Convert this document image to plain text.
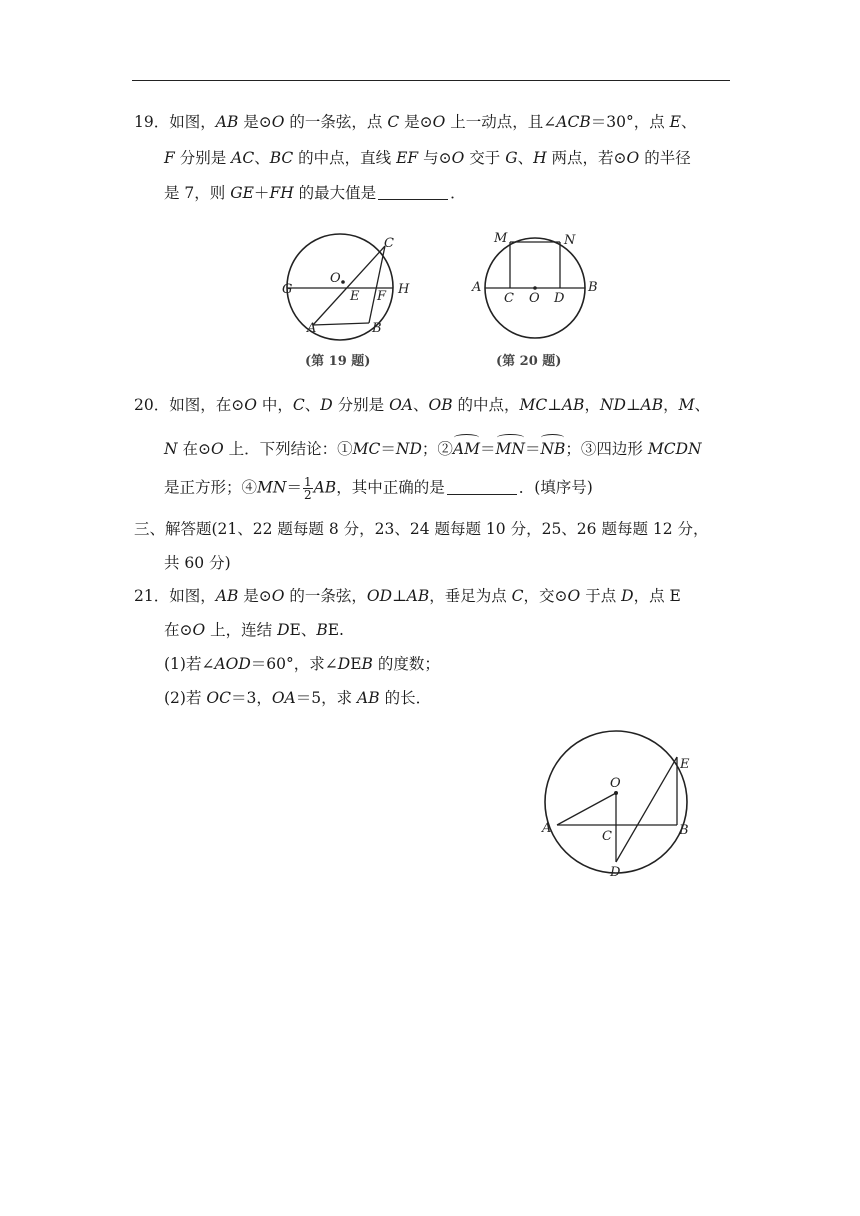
19．如图，AB 是⊙O 的一条弦，点 C 是⊙O 上一动点，且∠ACB＝30°，点 E、
F 分别是 AC、BC 的中点，直线 EF 与⊙O 交于 G、H 两点，若⊙O 的半径
是 7，则 GE＋FH 的最大值是	．
C
O
G	E F H
A	B
(第 19 题)
M	N
A
C O D
B
(第 20 题)
20．如图，在⊙O 中，C、D 分别是 OA、OB 的中点，MC⊥AB，ND⊥AB，M、
N 在⊙O 上．下列结论：①MC＝ND；②AM＝MN＝NB；③四边形 MCDN
是正方形；④MN＝ $\frac{1}{2}$ AB，其中正确的是	．(填序号)
三、解答题(21、22 题每题 8 分，23、24 题每题 10 分，25、26 题每题 12 分，
共 60 分)
21．如图，AB 是⊙O 的一条弦，OD⊥AB，垂足为点 C，交⊙O 于点 D，点 E
在⊙O 上，连结 DE、BE.
(1)若∠AOD＝60°，求∠DEB 的度数；
(2)若 OC＝3，OA＝5，求 AB 的长．
E
O
A
C	B
D
